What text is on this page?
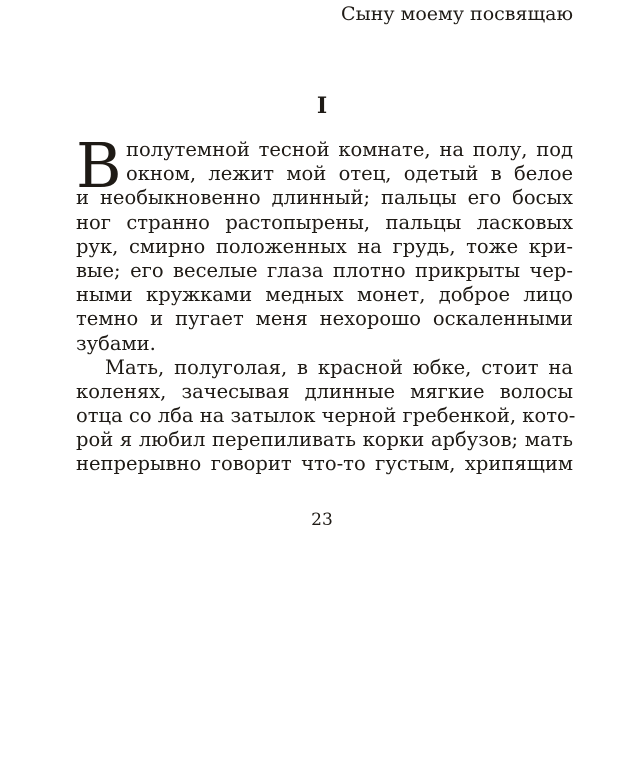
Сыну моему посвящаю
I
В полутемной тесной комнате, на полу, под
окном, лежит мой отец, одетый в белое
и необыкновенно длинный; пальцы его босых
ног странно растопырены, пальцы ласковых
рук, смирно положенных на грудь, тоже кри-
вые; его веселые глаза плотно прикрыты чер-
ными кружками медных монет, доброе лицо
темно и пугает меня нехорошо оскаленными
зубами.
Мать, полуголая, в красной юбке, стоит на
коленях, зачесывая длинные мягкие волосы
отца со лба на затылок черной гребенкой, кото-
рой я любил перепиливать корки арбузов; мать
непрерывно говорит что-то густым, хрипящим
23
